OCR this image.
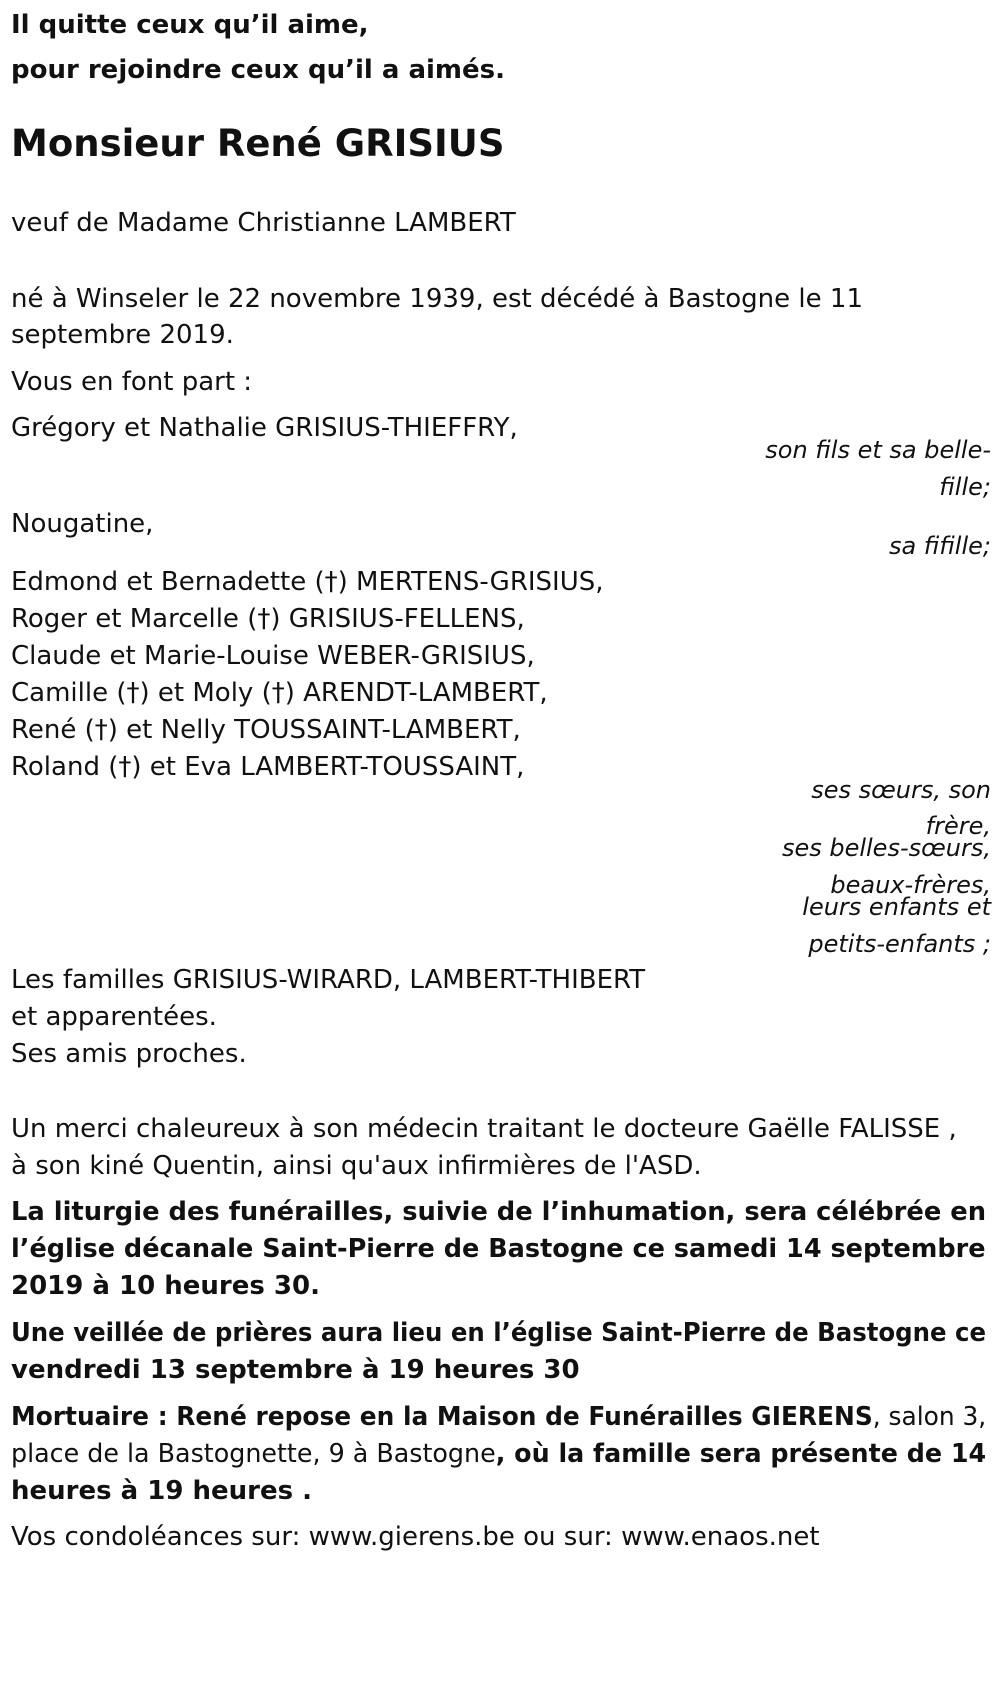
Il quitte ceux qu’il aime,
pour rejoindre ceux qu’il a aimés.
Monsieur René GRISIUS
veuf de Madame Christianne LAMBERT
né à Winseler le 22 novembre 1939, est décédé à Bastogne le 11
septembre 2019.
Vous en font part :
Grégory et Nathalie GRISIUS-THIEFFRY,
son fils et sa belle-
fille;
Nougatine,
sa fifille;
Edmond et Bernadette (†) MERTENS-GRISIUS,
Roger et Marcelle (†) GRISIUS-FELLENS,
Claude et Marie-Louise WEBER-GRISIUS,
Camille (†) et Moly (†) ARENDT-LAMBERT,
René (†) et Nelly TOUSSAINT-LAMBERT,
Roland (†) et Eva LAMBERT-TOUSSAINT,
ses sœurs, son
frère,
ses belles-sœurs,
beaux-frères,
leurs enfants et
petits-enfants ;
Les familles GRISIUS-WIRARD, LAMBERT-THIBERT
et apparentées.
Ses amis proches.
Un merci chaleureux à son médecin traitant le docteure Gaëlle FALISSE ,
à son kiné Quentin, ainsi qu'aux infirmières de l'ASD.
La liturgie des funérailles, suivie de l’inhumation, sera célébrée en
l’église décanale Saint-Pierre de Bastogne ce samedi 14 septembre
2019 à 10 heures 30.
Une veillée de prières aura lieu en l’église Saint-Pierre de Bastogne ce
vendredi 13 septembre à 19 heures 30
Mortuaire : René repose en la Maison de Funérailles GIERENS, salon 3,
place de la Bastognette, 9 à Bastogne, où la famille sera présente de 14
heures à 19 heures .
Vos condoléances sur: www.gierens.be ou sur: www.enaos.net
